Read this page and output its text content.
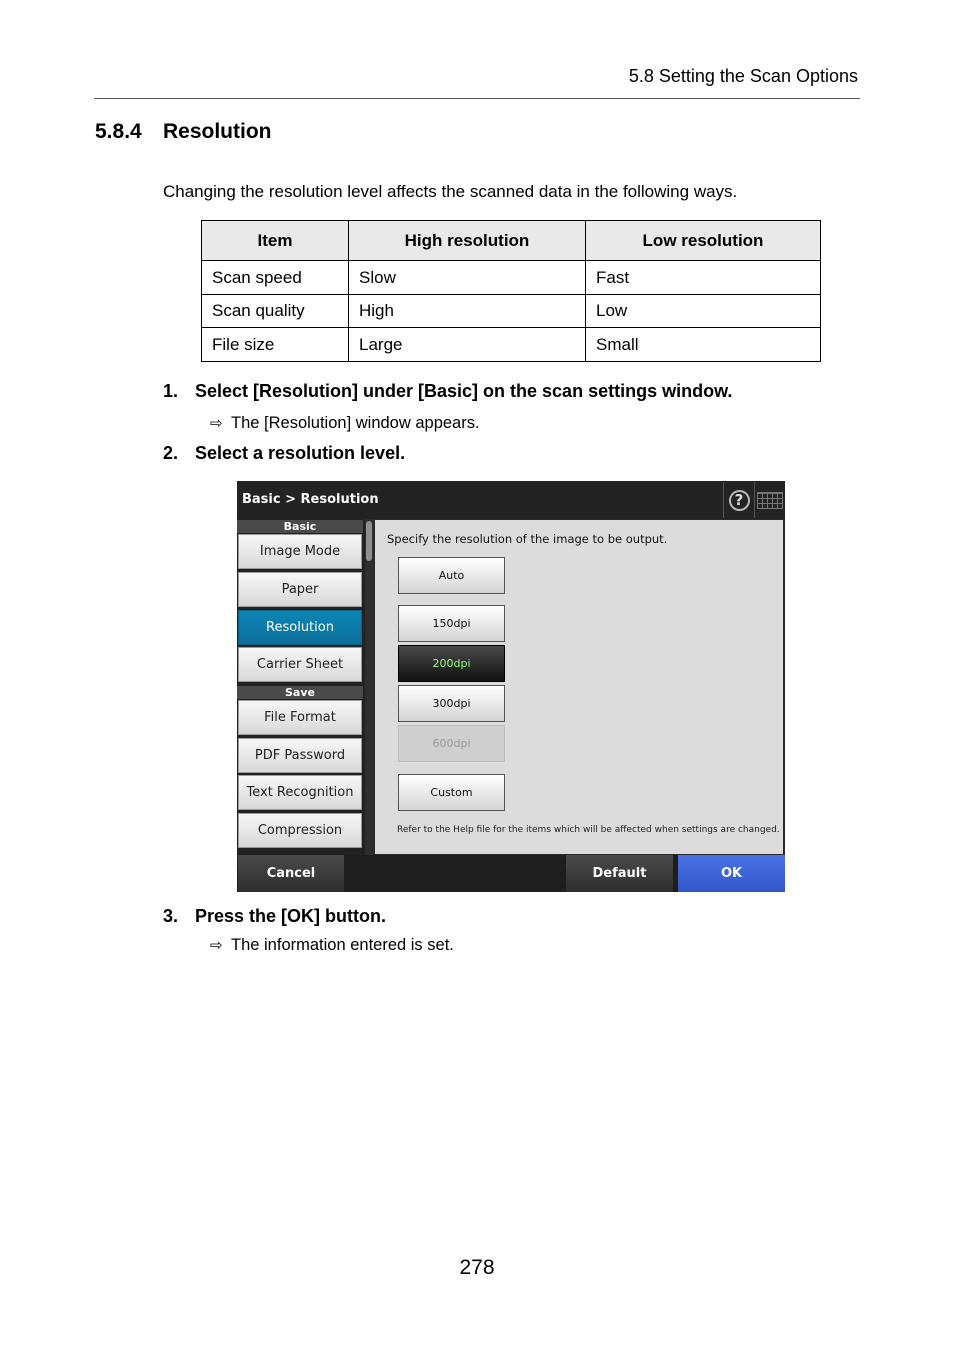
5.8 Setting the Scan Options
5.8.4 Resolution
Changing the resolution level affects the scanned data in the following ways.
Item	High resolution	Low resolution
Scan speed	Slow	Fast
Scan quality	High	Low
File size	Large	Small
1. Select [Resolution] under [Basic] on the scan settings window.
⇨ The [Resolution] window appears.
2. Select a resolution level.
Basic > Resolution	?
Basic
Image Mode
Paper
Resolution
Carrier Sheet
Save
File Format
PDF Password
Text Recognition
Compression
Specify the resolution of the image to be output.
Auto
150dpi
200dpi
300dpi
600dpi
Custom
Refer to the Help file for the items which will be affected when settings are changed.
Cancel	Default	OK
3. Press the [OK] button.
⇨ The information entered is set.
278
